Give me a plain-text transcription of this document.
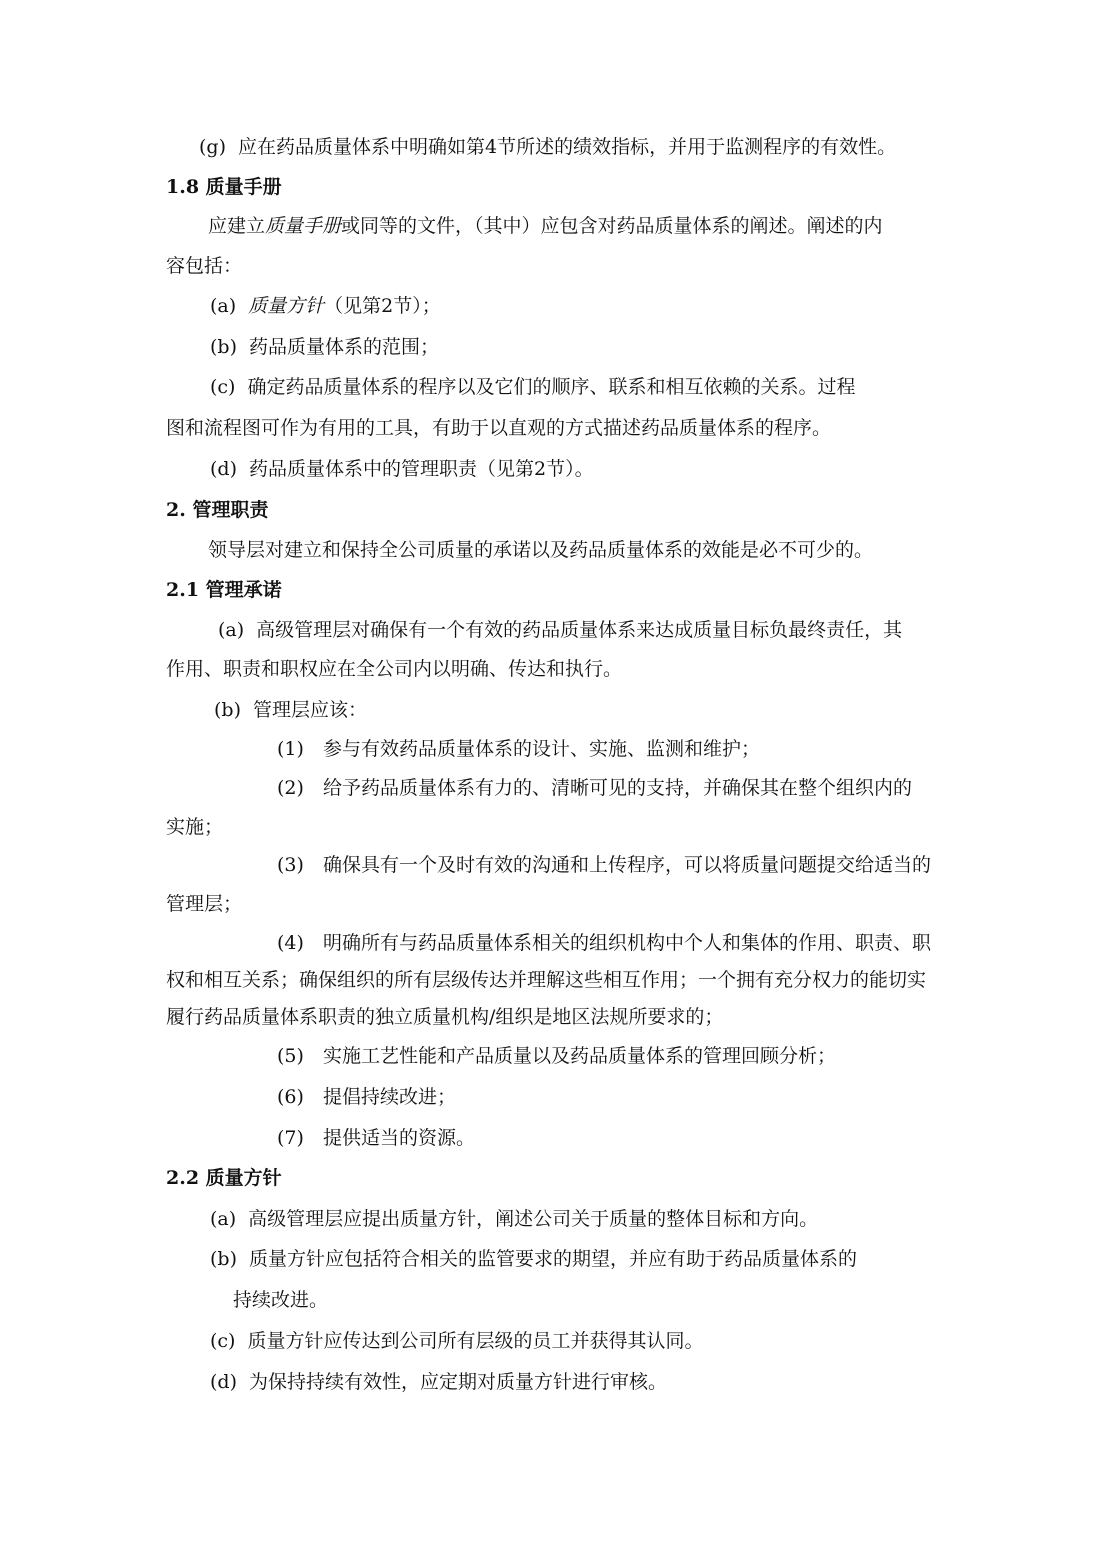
(g) 应在药品质量体系中明确如第4节所述的绩效指标，并用于监测程序的有效性。
1.8 质量手册
应建立质量手册或同等的文件，（其中）应包含对药品质量体系的阐述。阐述的内
容包括：
(a) 质量方针（见第2节）；
(b) 药品质量体系的范围；
(c) 确定药品质量体系的程序以及它们的顺序、联系和相互依赖的关系。过程
图和流程图可作为有用的工具，有助于以直观的方式描述药品质量体系的程序。
(d) 药品质量体系中的管理职责（见第2节）。
2. 管理职责
领导层对建立和保持全公司质量的承诺以及药品质量体系的效能是必不可少的。
2.1 管理承诺
(a) 高级管理层对确保有一个有效的药品质量体系来达成质量目标负最终责任，其
作用、职责和职权应在全公司内以明确、传达和执行。
(b) 管理层应该：
(1) 参与有效药品质量体系的设计、实施、监测和维护；
(2) 给予药品质量体系有力的、清晰可见的支持，并确保其在整个组织内的
实施；
(3) 确保具有一个及时有效的沟通和上传程序，可以将质量问题提交给适当的
管理层；
(4) 明确所有与药品质量体系相关的组织机构中个人和集体的作用、职责、职
权和相互关系；确保组织的所有层级传达并理解这些相互作用；一个拥有充分权力的能切实
履行药品质量体系职责的独立质量机构/组织是地区法规所要求的；
(5) 实施工艺性能和产品质量以及药品质量体系的管理回顾分析；
(6) 提倡持续改进；
(7) 提供适当的资源。
2.2 质量方针
(a) 高级管理层应提出质量方针，阐述公司关于质量的整体目标和方向。
(b) 质量方针应包括符合相关的监管要求的期望，并应有助于药品质量体系的
持续改进。
(c) 质量方针应传达到公司所有层级的员工并获得其认同。
(d) 为保持持续有效性，应定期对质量方针进行审核。
